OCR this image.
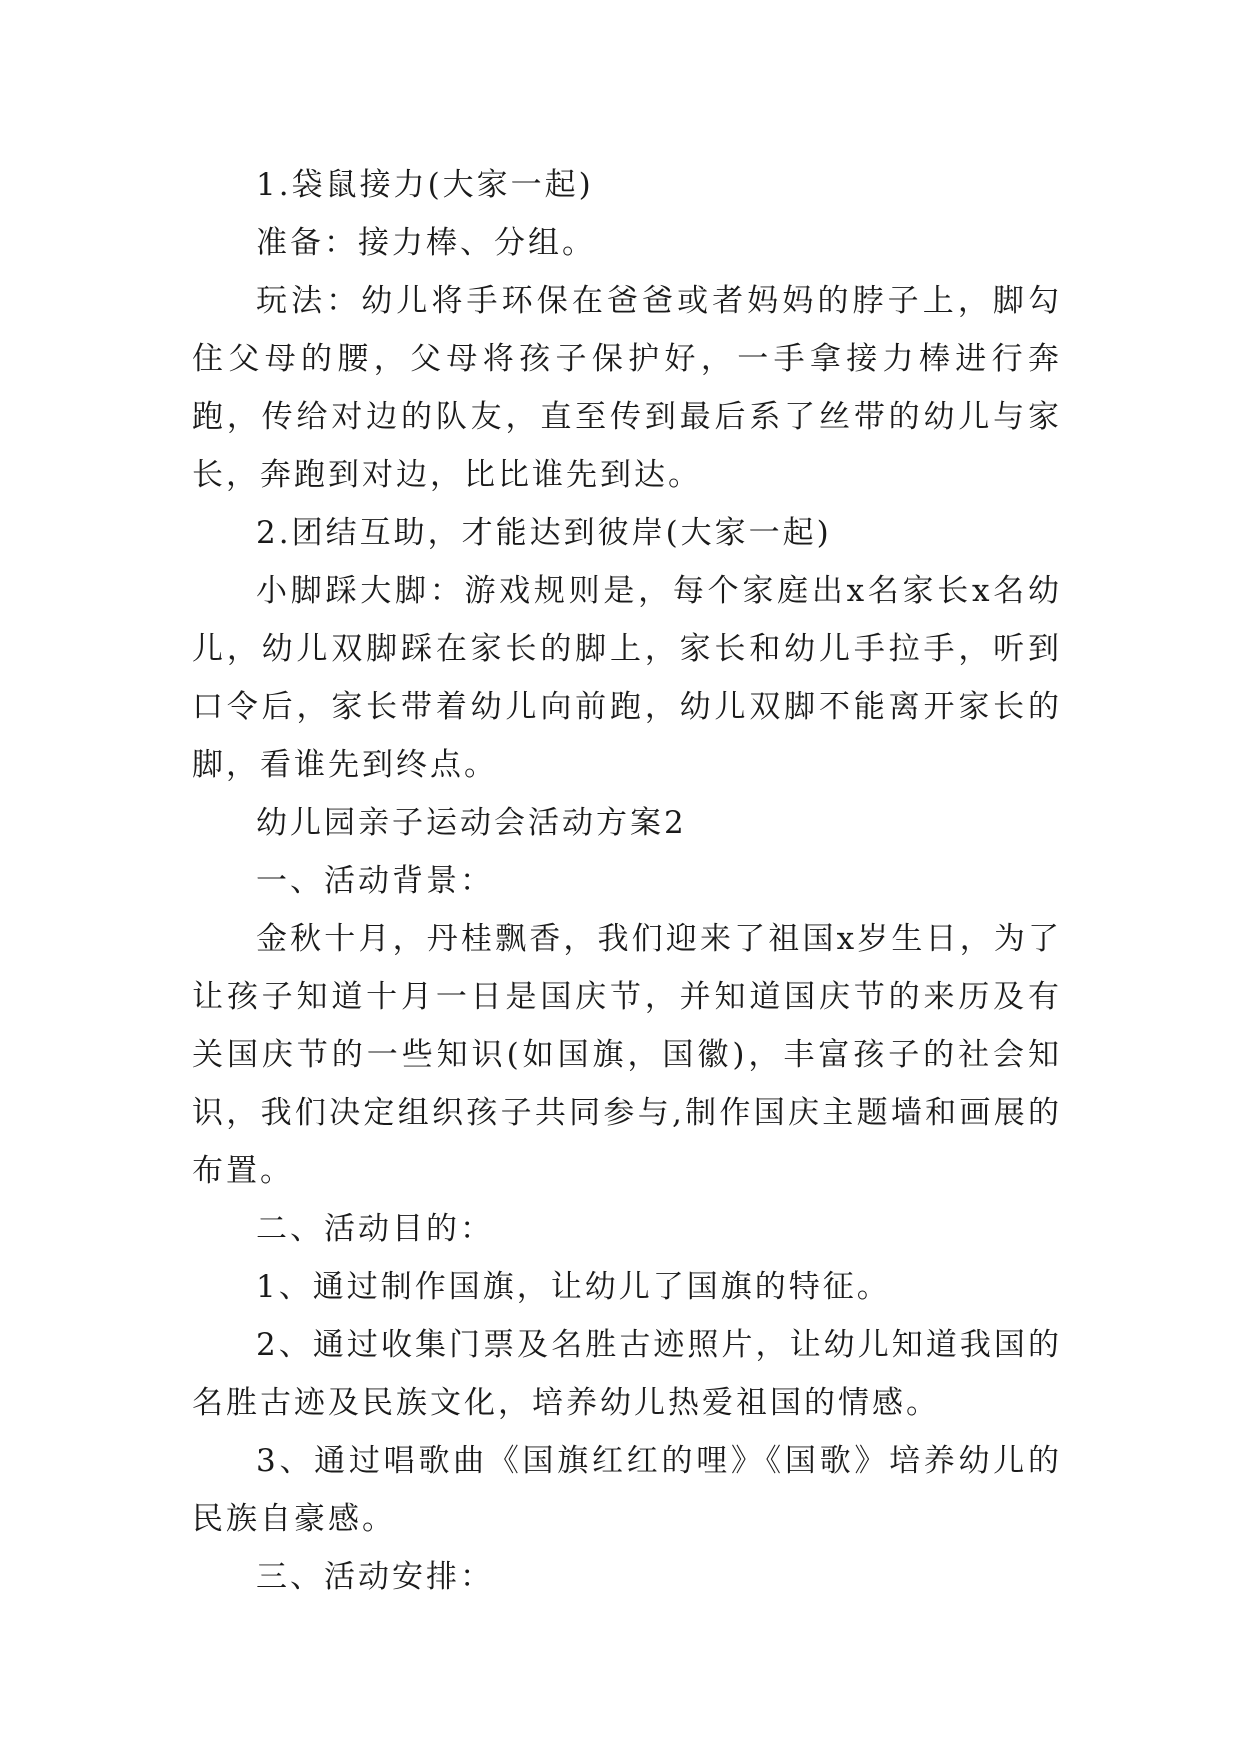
1.袋鼠接力(大家一起)

准备：接力棒、分组。

玩法：幼儿将手环保在爸爸或者妈妈的脖子上，脚勾住父母的腰，父母将孩子保护好，一手拿接力棒进行奔跑，传给对边的队友，直至传到最后系了丝带的幼儿与家长，奔跑到对边，比比谁先到达。

2.团结互助，才能达到彼岸(大家一起)

小脚踩大脚：游戏规则是，每个家庭出x名家长x名幼儿，幼儿双脚踩在家长的脚上，家长和幼儿手拉手，听到口令后，家长带着幼儿向前跑，幼儿双脚不能离开家长的脚，看谁先到终点。

幼儿园亲子运动会活动方案2

一、活动背景：

金秋十月，丹桂飘香，我们迎来了祖国x岁生日，为了让孩子知道十月一日是国庆节，并知道国庆节的来历及有关国庆节的一些知识(如国旗，国徽)，丰富孩子的社会知识，我们决定组织孩子共同参与,制作国庆主题墙和画展的布置。

二、活动目的：

1、通过制作国旗，让幼儿了国旗的特征。

2、通过收集门票及名胜古迹照片，让幼儿知道我国的名胜古迹及民族文化，培养幼儿热爱祖国的情感。

3、通过唱歌曲《国旗红红的哩》《国歌》培养幼儿的民族自豪感。

三、活动安排：
